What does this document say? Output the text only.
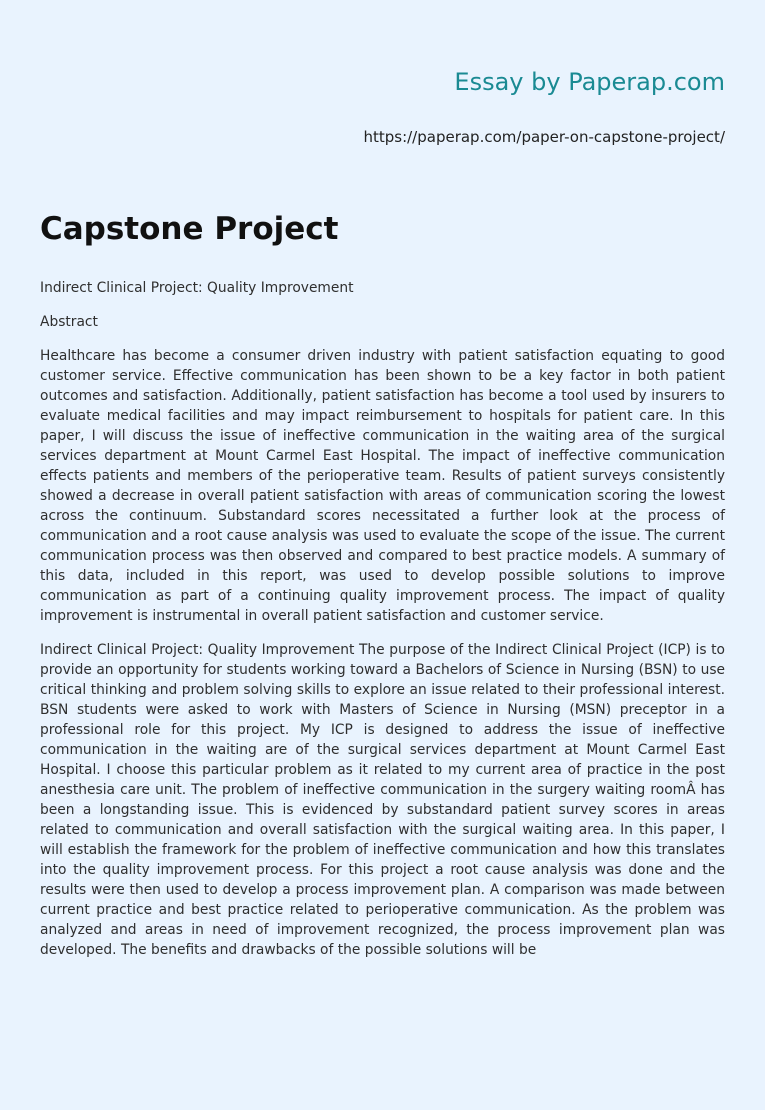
Essay by Paperap.com
https://paperap.com/paper-on-capstone-project/
Capstone Project

Indirect Clinical Project: Quality Improvement

Abstract

Healthcare has become a consumer driven industry with patient satisfaction equating to good customer service. Effective communication has been shown to be a key factor in both patient outcomes and satisfaction. Additionally, patient satisfaction has become a tool used by insurers to evaluate medical facilities and may impact reimbursement to hospitals for patient care. In this paper, I will discuss the issue of ineffective communication in the waiting area of the surgical services department at Mount Carmel East Hospital. The impact of ineffective communication effects patients and members of the perioperative team. Results of patient surveys consistently showed a decrease in overall patient satisfaction with areas of communication scoring the lowest across the continuum. Substandard scores necessitated a further look at the process of communication and a root cause analysis was used to evaluate the scope of the issue. The current communication process was then observed and compared to best practice models. A summary of this data, included in this report, was used to develop possible solutions to improve communication as part of a continuing quality improvement process. The impact of quality improvement is instrumental in overall patient satisfaction and customer service.

Indirect Clinical Project: Quality Improvement The purpose of the Indirect Clinical Project (ICP) is to provide an opportunity for students working toward a Bachelors of Science in Nursing (BSN) to use critical thinking and problem solving skills to explore an issue related to their professional interest. BSN students were asked to work with Masters of Science in Nursing (MSN) preceptor in a professional role for this project. My ICP is designed to address the issue of ineffective communication in the waiting are of the surgical services department at Mount Carmel East Hospital. I choose this particular problem as it related to my current area of practice in the post anesthesia care unit. The problem of ineffective communication in the surgery waiting roomÂ has been a longstanding issue. This is evidenced by substandard patient survey scores in areas related to communication and overall satisfaction with the surgical waiting area. In this paper, I will establish the framework for the problem of ineffective communication and how this translates into the quality improvement process. For this project a root cause analysis was done and the results were then used to develop a process improvement plan. A comparison was made between current practice and best practice related to perioperative communication. As the problem was analyzed and areas in need of improvement recognized, the process improvement plan was developed. The benefits and drawbacks of the possible solutions will be
